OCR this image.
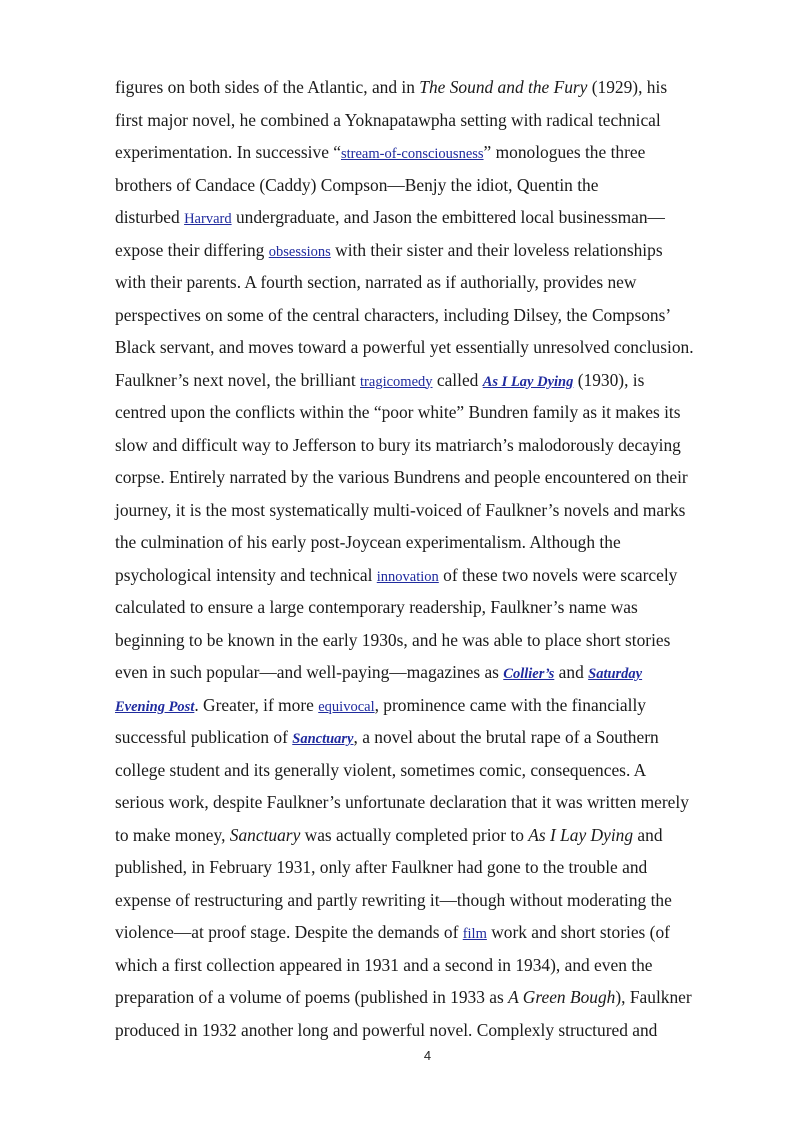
figures on both sides of the Atlantic, and in The Sound and the Fury (1929), his
first major novel, he combined a Yoknapatawpha setting with radical technical
experimentation. In successive “stream-of-consciousness” monologues the three
brothers of Candace (Caddy) Compson—Benjy the idiot, Quentin the
disturbed Harvard undergraduate, and Jason the embittered local businessman—
expose their differing obsessions with their sister and their loveless relationships
with their parents. A fourth section, narrated as if authorially, provides new
perspectives on some of the central characters, including Dilsey, the Compsons’
Black servant, and moves toward a powerful yet essentially unresolved conclusion.
Faulkner’s next novel, the brilliant tragicomedy called As I Lay Dying (1930), is
centred upon the conflicts within the “poor white” Bundren family as it makes its
slow and difficult way to Jefferson to bury its matriarch’s malodorously decaying
corpse. Entirely narrated by the various Bundrens and people encountered on their
journey, it is the most systematically multi-voiced of Faulkner’s novels and marks
the culmination of his early post-Joycean experimentalism. Although the
psychological intensity and technical innovation of these two novels were scarcely
calculated to ensure a large contemporary readership, Faulkner’s name was
beginning to be known in the early 1930s, and he was able to place short stories
even in such popular—and well-paying—magazines as Collier’s and Saturday
Evening Post. Greater, if more equivocal, prominence came with the financially
successful publication of Sanctuary, a novel about the brutal rape of a Southern
college student and its generally violent, sometimes comic, consequences. A
serious work, despite Faulkner’s unfortunate declaration that it was written merely
to make money, Sanctuary was actually completed prior to As I Lay Dying and
published, in February 1931, only after Faulkner had gone to the trouble and
expense of restructuring and partly rewriting it—though without moderating the
violence—at proof stage. Despite the demands of film work and short stories (of
which a first collection appeared in 1931 and a second in 1934), and even the
preparation of a volume of poems (published in 1933 as A Green Bough), Faulkner
produced in 1932 another long and powerful novel. Complexly structured and
4
